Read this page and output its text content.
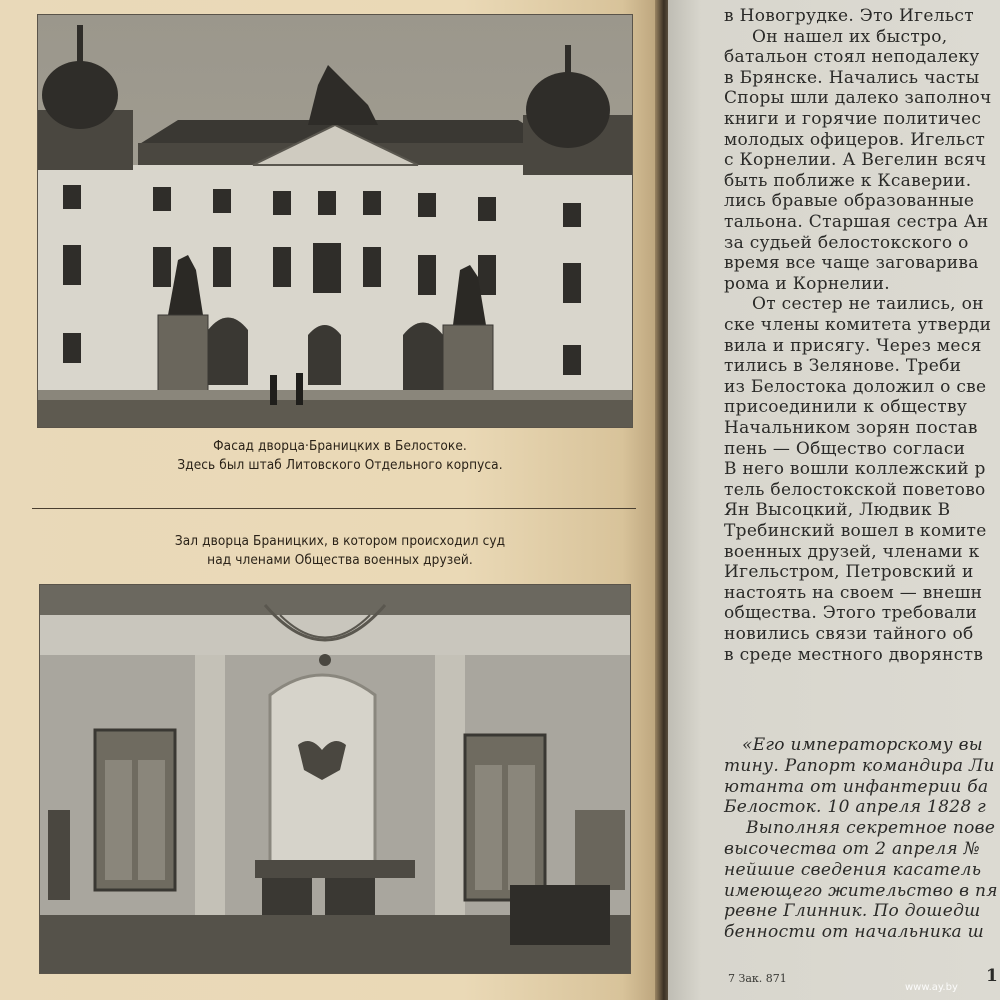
Фасад дворца·Браницких в Белостоке.
Здесь был штаб Литовского Отдельного корпуса.
Зал дворца Браницких, в котором происходил суд
над членами Общества военных друзей.
в Новогрудке. Это Игельст
Он нашел их быстро,
батальон стоял неподалеку
в Брянске. Начались часты
Споры шли далеко заполноч
книги и горячие политичес
молодых офицеров. Игельст
с Корнелии. А Вегелин всяч
быть поближе к Ксаверии.
лись бравые образованные
тальона. Старшая сестра Ан
за судьей белостокского о
время все чаще заговарива
рома и Корнелии.
От сестер не таились, он
ске члены комитета утверди
вила и присягу. Через меся
тились в Зелянове. Треби
из Белостока доложил о све
присоединили к обществу
Начальником зорян постав
пень — Общество согласи
В него вошли коллежский р
тель белостокской поветово
Ян Высоцкий, Людвик В
Требинский вошел в комите
военных друзей, членами к
Игельстром, Петровский и
настоять на своем — внешн
общества. Этого требовали
новились связи тайного об
в среде местного дворянств
«Его императорскому вы
тину. Рапорт командира Ли
ютанта от инфантерии ба
Белосток. 10 апреля 1828 г
Выполняя секретное пове
высочества от 2 апреля №
нейшие сведения касатель
имеющего жительство в пя
ревне Глинник. По дошедш
бенности от начальника ш
7 Зак. 871	1
www.ay.by
